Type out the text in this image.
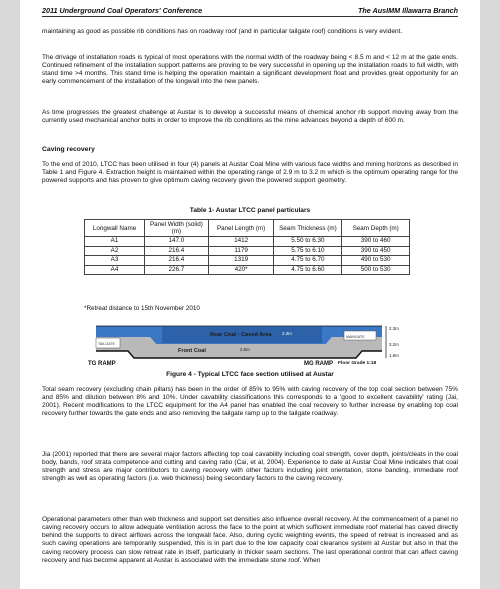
2011 Underground Coal Operators' Conference	The AusIMM Illawarra Branch

maintaining as good as possible rib conditions has on roadway roof (and in particular tailgate roof) conditions is very evident.

The drivage of installation roads is typical of most operations with the normal width of the roadway being < 8.5 m and < 12 m at the gate ends. Continued refinement of the installation support patterns are proving to be very successful in opening up the installation roads to full width, with stand time >4 months. This stand time is helping the operation maintain a significant development float and provides great opportunity for an early commencement of the installation of the longwall into the new panels.

As time progresses the greatest challenge at Austar is to develop a successful means of chemical anchor rib support moving away from the currently used mechanical anchor bolts in order to improve the rib conditions as the mine advances beyond a depth of 600 m.

Caving recovery

To the end of 2010, LTCC has been utilised in four (4) panels at Austar Coal Mine with various face widths and mining horizons as described in Table 1 and Figure 4. Extraction height is maintained within the operating range of 2.9 m to 3.2 m which is the optimum operating range for the powered supports and has proven to give optimum caving recovery given the powered support geometry.

Table 1- Austar LTCC panel particulars
Longwall Name	Panel Width (solid) (m)	Panel Length (m)	Seam Thickness (m)	Seam Depth (m)
A1	147.0	1412	5.50 to 6.30	390 to 460
A2	216.4	1179	5.75 to 6.10	390 to 450
A3	216.4	1319	4.75 to 6.70	490 to 530
A4	226.7	420*	4.75 to 6.60	500 to 530
*Retreat distance to 15th November 2010
Rear Coal - Caved Area 2.3m
Front Coal	2.5m
TAILGATE
MAINGATE
2.3m
3.2m
1.8m
TG RAMP	MG RAMP Floor Grade 1:18
Figure 4 - Typical LTCC face section utilised at Austar

Total seam recovery (excluding chain pillars) has been in the order of 85% to 95% with caving recovery of the top coal section between 75% and 85% and dilution between 8% and 10%. Under cavability classifications this corresponds to a 'good to excellent cavability' rating (Jai, 2001). Recent modifications to the LTCC equipment for the A4 panel has enabled the coal recovery to further increase by enabling top coal recovery further towards the gate ends and also removing the tailgate ramp up to the tailgate roadway.

Jia (2001) reported that there are several major factors affecting top coal cavability including coal strength, cover depth, joints/cleats in the coal body, bands, roof strata competence and cutting and caving ratio (Cai, et al, 2004). Experience to date at Austar Coal Mine indicates that coal strength and stress are major contributors to caving recovery with other factors including joint orientation, stone banding, immediate roof strength as well as operating factors (i.e. web thickness) being secondary factors to the caving recovery.

Operational parameters other than web thickness and support set densities also influence overall recovery. At the commencement of a panel no caving recovery occurs to allow adequate ventilation across the face to the point at which sufficient immediate roof material has caved directly behind the supports to direct airflows across the longwall face. Also, during cyclic weighting events, the speed of retreat is increased and as such caving operations are temporarily suspended, this is in part due to the low capacity coal clearance system at Austar but also in that the caving recovery process can slow retreat rate in itself, particularly in thicker seam sections. The last operational control that can affect caving recovery and has become apparent at Austar is associated with the immediate stone roof. When
